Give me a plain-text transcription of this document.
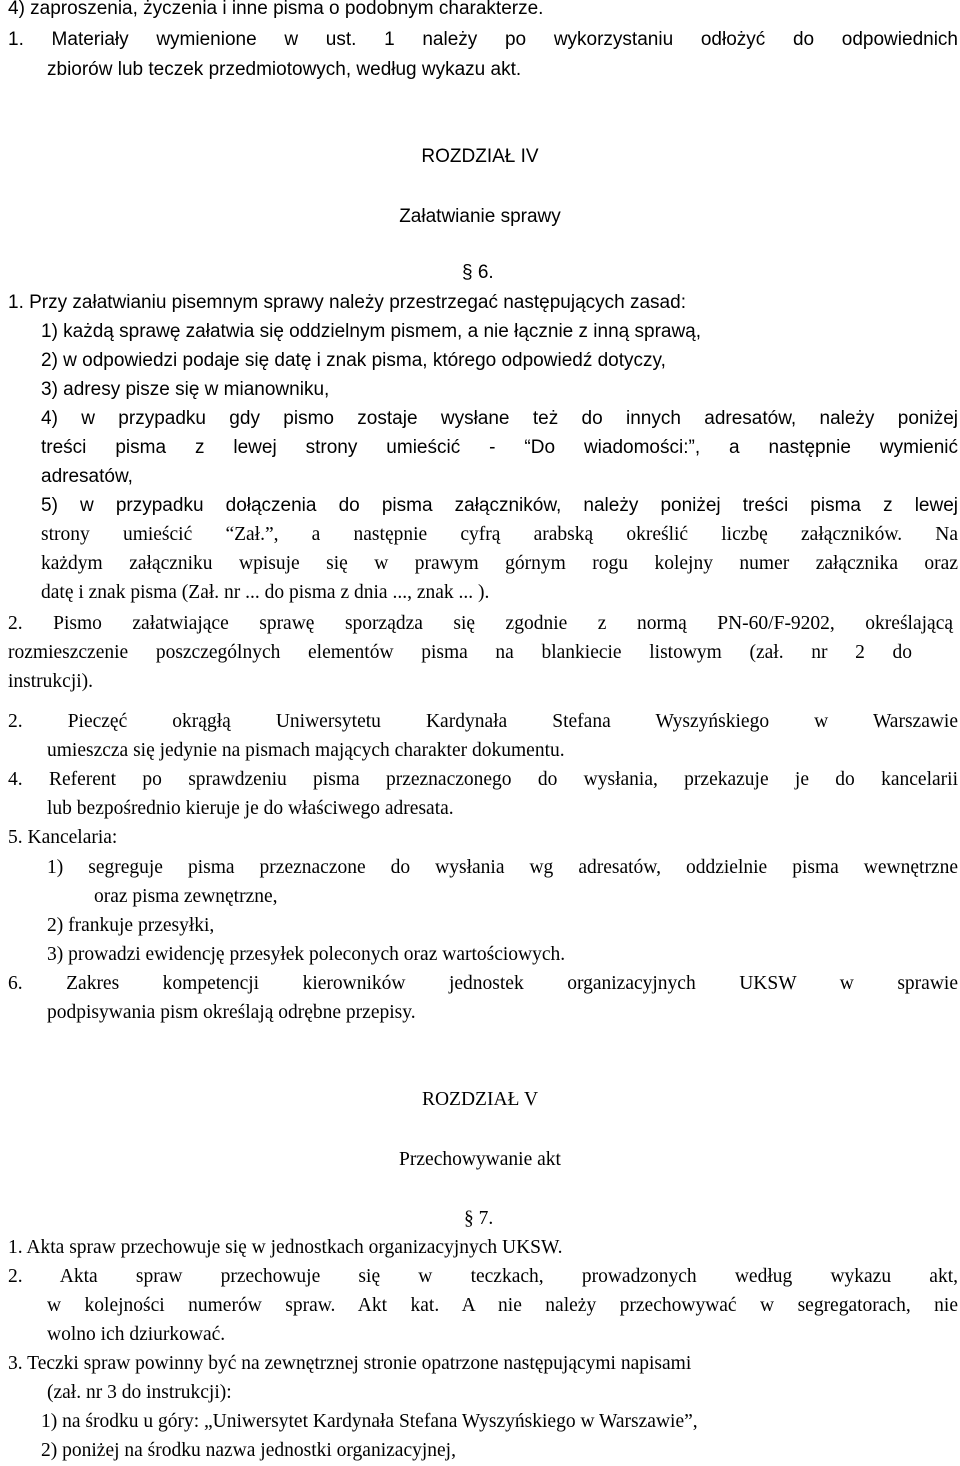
4) zaproszenia, życzenia i inne pisma o podobnym charakterze.
1. Materiały wymienione w ust. 1 należy po wykorzystaniu odłożyć do odpowiednich
zbiorów lub teczek przedmiotowych, według wykazu akt.
ROZDZIAŁ IV
Załatwianie sprawy
§ 6.
1. Przy załatwianiu pisemnym sprawy należy przestrzegać następujących zasad:
1) każdą sprawę załatwia się oddzielnym pismem, a nie łącznie z inną sprawą,
2) w odpowiedzi podaje się datę i znak pisma, którego odpowiedź dotyczy,
3) adresy pisze się w mianowniku,
4) w przypadku gdy pismo zostaje wysłane też do innych adresatów, należy poniżej
treści pisma z lewej strony umieścić - “Do wiadomości:”, a następnie wymienić
adresatów,
5) w przypadku dołączenia do pisma załączników, należy poniżej treści pisma z lewej
strony umieścić “Zał.”, a następnie cyfrą arabską określić liczbę załączników. Na
każdym załączniku wpisuje się w prawym górnym rogu kolejny numer załącznika oraz
datę i znak pisma (Zał. nr ... do pisma z dnia ..., znak ... ).
2. Pismo załatwiające sprawę sporządza się zgodnie z normą PN-60/F-9202, określającą
rozmieszczenie poszczególnych elementów pisma na blankiecie listowym (zał. nr 2 do
instrukcji).
2. Pieczęć okrągłą Uniwersytetu Kardynała Stefana Wyszyńskiego w Warszawie
umieszcza się jedynie na pismach mających charakter dokumentu.
4. Referent po sprawdzeniu pisma przeznaczonego do wysłania, przekazuje je do kancelarii
lub bezpośrednio kieruje je do właściwego adresata.
5. Kancelaria:
1) segreguje pisma przeznaczone do wysłania wg adresatów, oddzielnie pisma wewnętrzne
oraz pisma zewnętrzne,
2) frankuje przesyłki,
3) prowadzi ewidencję przesyłek poleconych oraz wartościowych.
6. Zakres kompetencji kierowników jednostek organizacyjnych UKSW w sprawie
podpisywania pism określają odrębne przepisy.
ROZDZIAŁ V
Przechowywanie akt
§ 7.
1. Akta spraw przechowuje się w jednostkach organizacyjnych UKSW.
2. Akta spraw przechowuje się w teczkach, prowadzonych według wykazu akt,
w kolejności numerów spraw. Akt kat. A nie należy przechowywać w segregatorach, nie
wolno ich dziurkować.
3. Teczki spraw powinny być na zewnętrznej stronie opatrzone następującymi napisami
(zał. nr 3 do instrukcji):
1) na środku u góry: „Uniwersytet Kardynała Stefana Wyszyńskiego w Warszawie”,
2) poniżej na środku nazwa jednostki organizacyjnej,
